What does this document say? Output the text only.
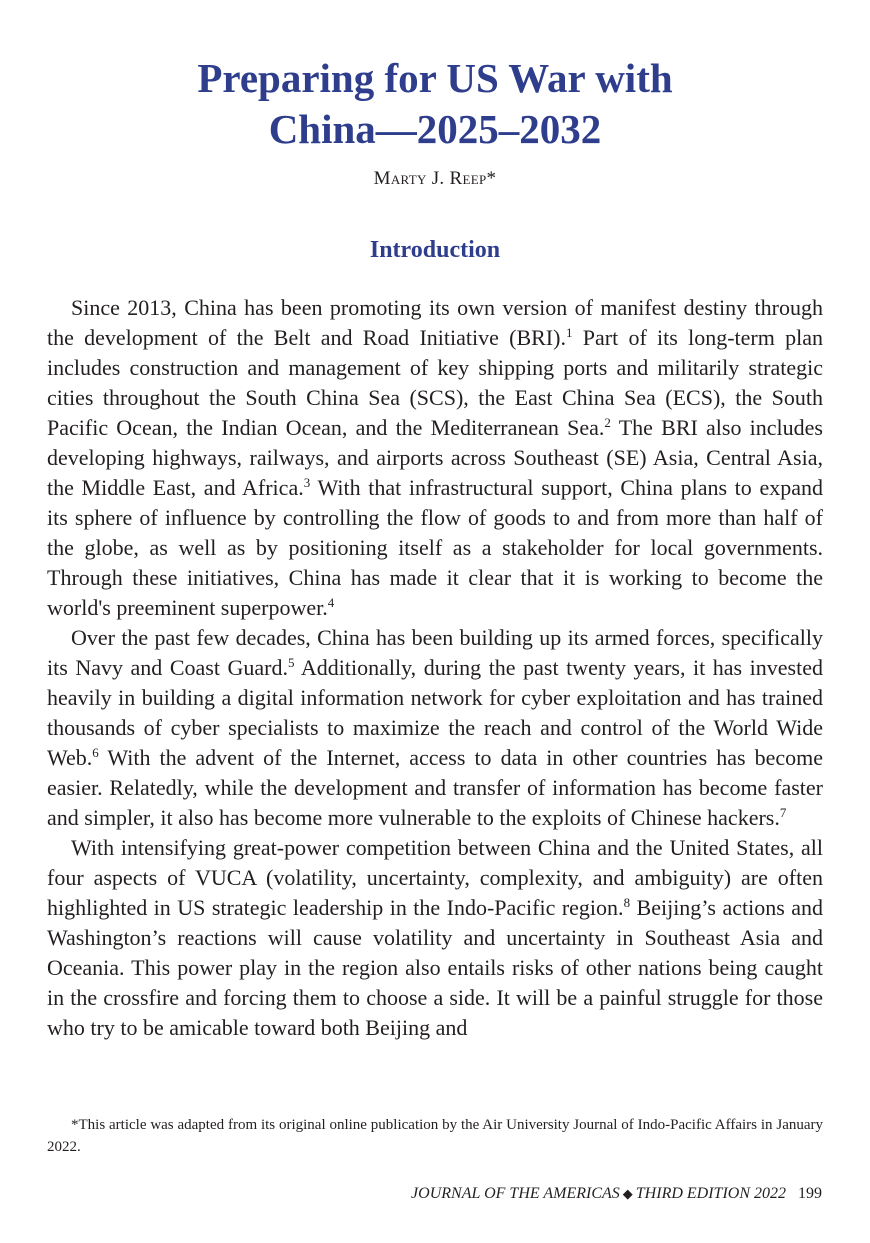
Preparing for US War with
China—2025–2032
Marty J. Reep*
Introduction

Since 2013, China has been promoting its own version of manifest destiny through the development of the Belt and Road Initiative (BRI).$^1$ Part of its long-term plan includes construction and management of key shipping ports and militarily strategic cities throughout the South China Sea (SCS), the East China Sea (ECS), the South Pacific Ocean, the Indian Ocean, and the Mediterranean Sea.$^2$ The BRI also includes developing highways, railways, and airports across Southeast (SE) Asia, Central Asia, the Middle East, and Africa.$^3$ With that infrastructural support, China plans to expand its sphere of influence by controlling the flow of goods to and from more than half of the globe, as well as by positioning itself as a stakeholder for local governments. Through these initiatives, China has made it clear that it is working to become the world's preeminent superpower.$^4$

Over the past few decades, China has been building up its armed forces, specifically its Navy and Coast Guard.$^5$ Additionally, during the past twenty years, it has invested heavily in building a digital information network for cyber exploitation and has trained thousands of cyber specialists to maximize the reach and control of the World Wide Web.$^6$ With the advent of the Internet, access to data in other countries has become easier. Relatedly, while the development and transfer of information has become faster and simpler, it also has become more vulnerable to the exploits of Chinese hackers.$^7$

With intensifying great-power competition between China and the United States, all four aspects of VUCA (volatility, uncertainty, complexity, and ambiguity) are often highlighted in US strategic leadership in the Indo-Pacific region.$^8$ Beijing’s actions and Washington’s reactions will cause volatility and uncertainty in Southeast Asia and Oceania. This power play in the region also entails risks of other nations being caught in the crossfire and forcing them to choose a side. It will be a painful struggle for those who try to be amicable toward both Beijing and

*This article was adapted from its original online publication by the Air University Journal of Indo-Pacific Affairs in January 2022.

JOURNAL OF THE AMERICAS ◆ THIRD EDITION 2022 199
